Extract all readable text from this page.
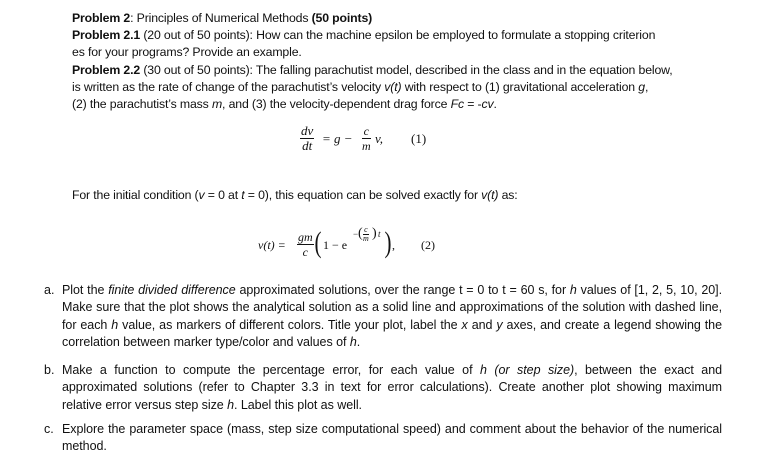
Problem 2: Principles of Numerical Methods (50 points)
Problem 2.1 (20 out of 50 points): How can the machine epsilon be employed to formulate a stopping criterion
es for your programs? Provide an example.
Problem 2.2 (30 out of 50 points): The falling parachutist model, described in the class and in the equation below,
is written as the rate of change of the parachutist’s velocity v(t) with respect to (1) gravitational acceleration g,
(2) the parachutist’s mass m, and (3) the velocity-dependent drag force Fc = -cv.
$\frac{dv}{dt} = g - \frac{c}{m} v$, (1)
For the initial condition (v = 0 at t = 0), this equation can be solved exactly for v(t) as:
$v(t) = \frac{gm}{c}$ ( 1 − e
− ( $\frac{c}{m}$ ) t ) , (2)
a. Plot the finite divided difference approximated solutions, over the range t = 0 to t = 60 s, for h values of [1, 2, 5, 10, 20]. Make sure that the plot shows the analytical solution as a solid line and approximations of the solution with dashed line, for each h value, as markers of different colors. Title your plot, label the x and y axes, and create a legend showing the correlation between marker type/color and values of h.
b. Make a function to compute the percentage error, for each value of h (or step size), between the exact and approximated solutions (refer to Chapter 3.3 in text for error calculations). Create another plot showing maximum relative error versus step size h. Label this plot as well.
c. Explore the parameter space (mass, step size computational speed) and comment about the behavior of the numerical method.
